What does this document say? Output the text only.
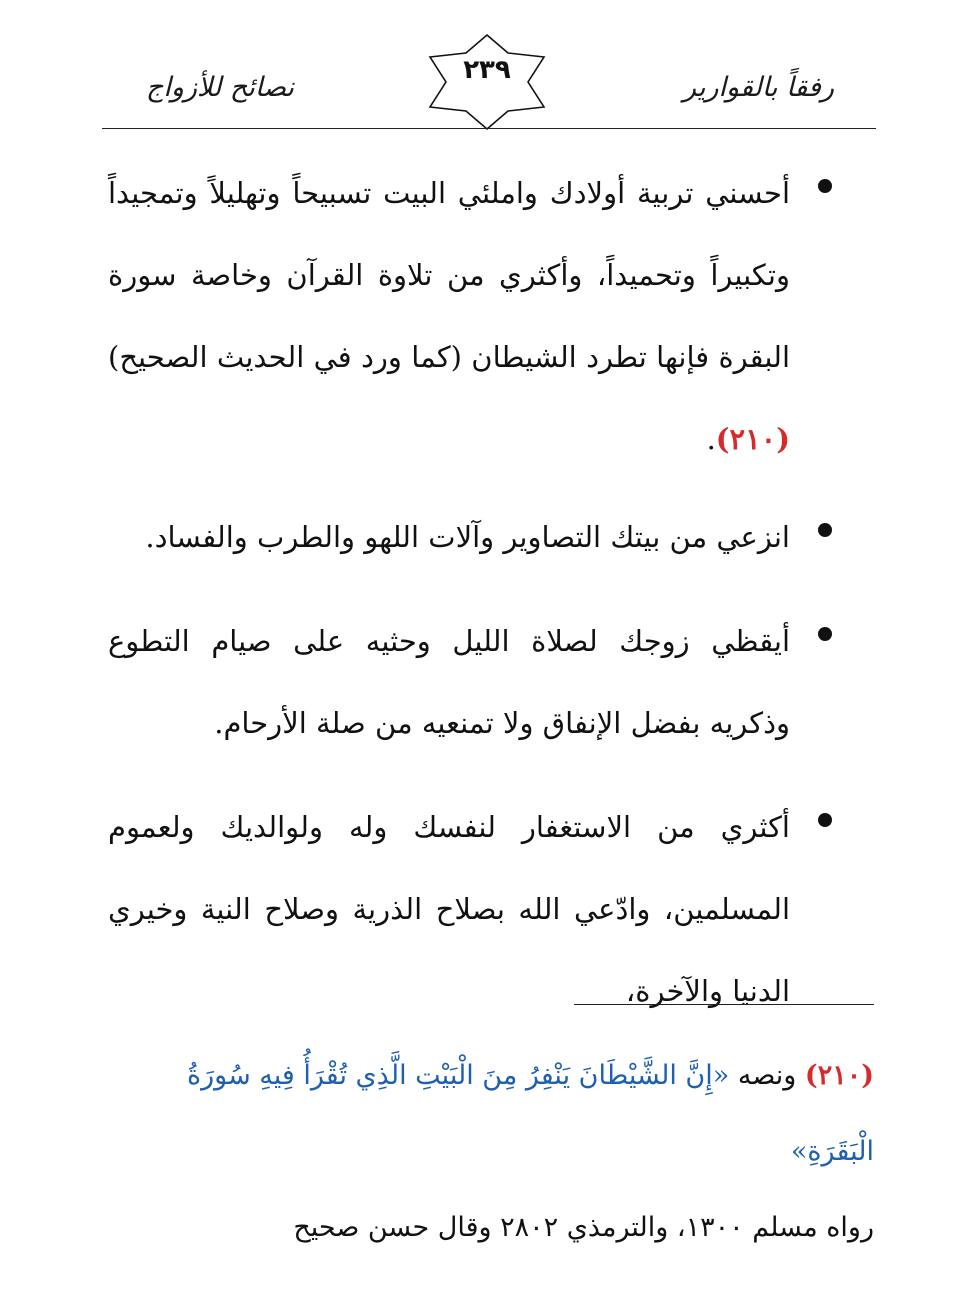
رفقاً بالقوارير
٢٣٩
نصائح للأزواج
أحسني تربية أولادك واملئي البيت تسبيحاً وتهليلاً وتمجيداً وتكبيراً وتحميداً، وأكثري من تلاوة القرآن وخاصة سورة البقرة فإنها تطرد الشيطان (كما ورد في الحديث الصحيح)(٢١٠).
انزعي من بيتك التصاوير وآلات اللهو والطرب والفساد.
أيقظي زوجك لصلاة الليل وحثيه على صيام التطوع وذكريه بفضل الإنفاق ولا تمنعيه من صلة الأرحام.
أكثري من الاستغفار لنفسك وله ولوالديك ولعموم المسلمين، وادّعي الله بصلاح الذرية وصلاح النية وخيري الدنيا والآخرة،
(٢١٠) ونصه «إِنَّ الشَّيْطَانَ يَنْفِرُ مِنَ الْبَيْتِ الَّذِي تُقْرَأُ فِيهِ سُورَةُ الْبَقَرَةِ»
رواه مسلم ١٣٠٠، والترمذي ٢٨٠٢ وقال حسن صحيح
